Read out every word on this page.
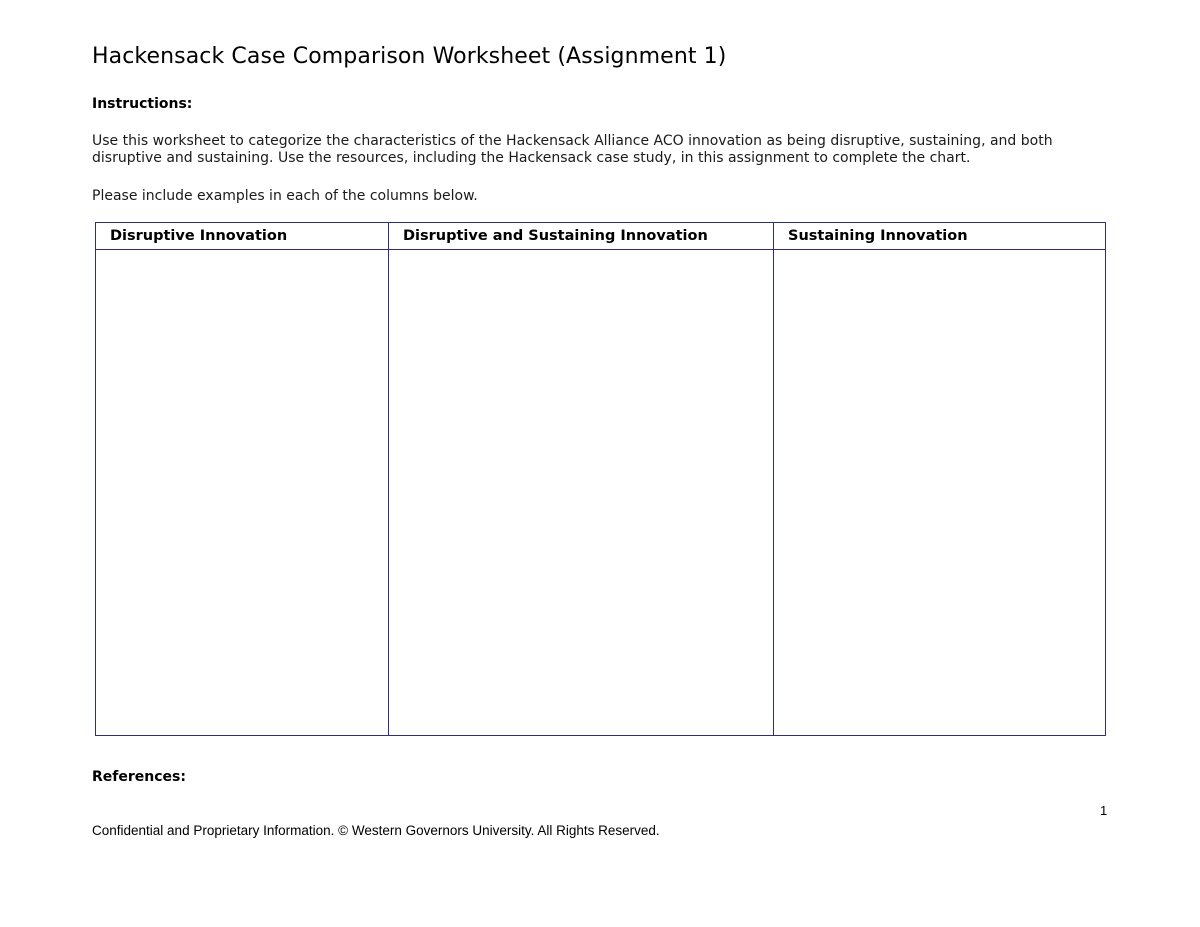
Hackensack Case Comparison Worksheet (Assignment 1)
Instructions:
Use this worksheet to categorize the characteristics of the Hackensack Alliance ACO innovation as being disruptive, sustaining, and both disruptive and sustaining. Use the resources, including the Hackensack case study, in this assignment to complete the chart.
Please include examples in each of the columns below.
Disruptive Innovation	Disruptive and Sustaining Innovation	Sustaining Innovation

References:
1
Confidential and Proprietary Information. © Western Governors University. All Rights Reserved.
